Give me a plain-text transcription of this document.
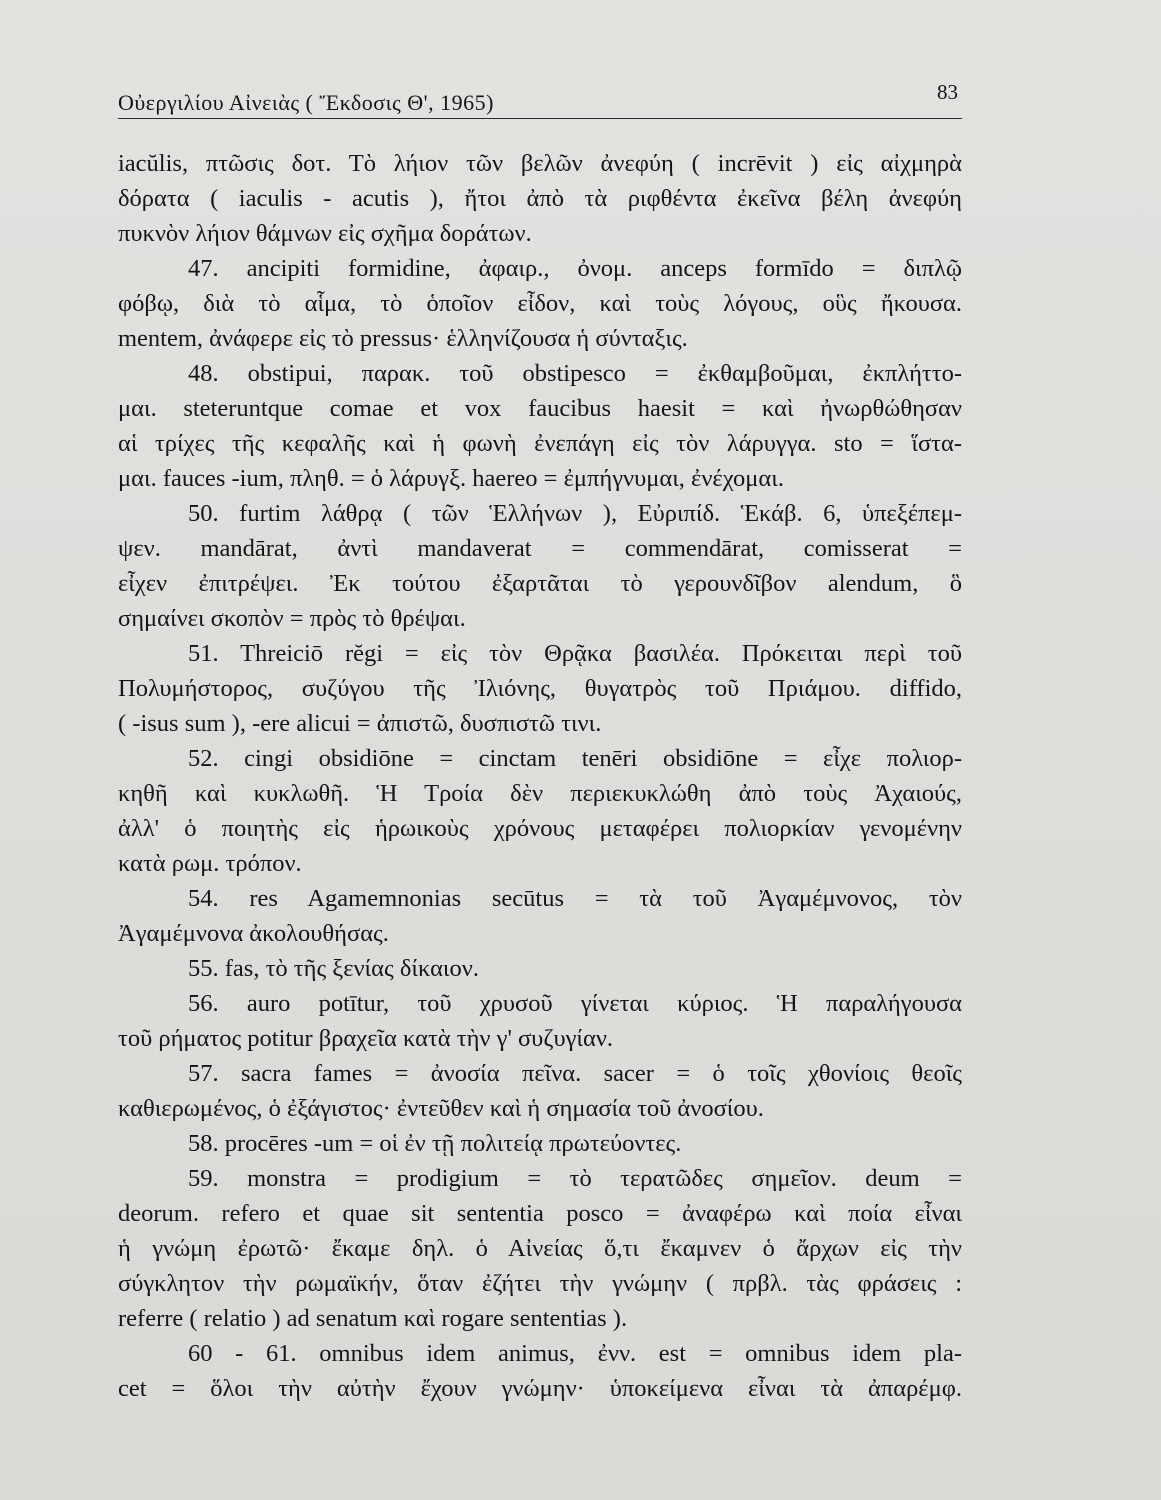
Οὐεργιλίου Αἰνειὰς ( Ἔκδοσις Θ', 1965)	83
iacŭlis, πτῶσις δοτ. Τὸ λήιον τῶν βελῶν ἀνεφύη ( incrēvit ) εἰς αἰχμηρὰ
δόρατα ( iaculis - acutis ), ἤτοι ἀπὸ τὰ ριφθέντα ἐκεῖνα βέλη ἀνεφύη
πυκνὸν λήιον θάμνων εἰς σχῆμα δοράτων.
47. ancipiti formidine, ἀφαιρ., ὀνομ. anceps formīdo = διπλῷ
φόβῳ, διὰ τὸ αἷμα, τὸ ὁποῖον εἶδον, καὶ τοὺς λόγους, οὓς ἤκουσα.
mentem, ἀνάφερε εἰς τὸ pressus· ἑλληνίζουσα ἡ σύνταξις.
48. obstipui, παρακ. τοῦ obstipesco = ἐκθαμβοῦμαι, ἐκπλήττο-
μαι. steteruntque comae et vox faucibus haesit = καὶ ἠνωρθώθησαν
αἱ τρίχες τῆς κεφαλῆς καὶ ἡ φωνὴ ἐνεπάγη εἰς τὸν λάρυγγα. sto = ἵστα-
μαι. fauces -ium, πληθ. = ὁ λάρυγξ. haereo = ἐμπήγνυμαι, ἐνέχομαι.
50. furtim λάθρᾳ ( τῶν Ἑλλήνων ), Εὐριπίδ. Ἑκάβ. 6, ὑπεξέπεμ-
ψεν. mandārat, ἀντὶ mandaverat = commendārat, comisserat =
εἶχεν ἐπιτρέψει. Ἐκ τούτου ἐξαρτᾶται τὸ γερουνδῖβον alendum, ὃ
σημαίνει σκοπὸν = πρὸς τὸ θρέψαι.
51. Threiciō rĕgi = εἰς τὸν Θρᾷκα βασιλέα. Πρόκειται περὶ τοῦ
Πολυμήστορος, συζύγου τῆς Ἰλιόνης, θυγατρὸς τοῦ Πριάμου. diffido,
( -isus sum ), -ere alicui = ἀπιστῶ, δυσπιστῶ τινι.
52. cingi obsidiōne = cinctam tenēri obsidiōne = εἶχε πολιορ-
κηθῆ καὶ κυκλωθῆ. Ἡ Τροία δὲν περιεκυκλώθη ἀπὸ τοὺς Ἀχαιούς,
ἀλλ' ὁ ποιητὴς εἰς ἡρωικοὺς χρόνους μεταφέρει πολιορκίαν γενομένην
κατὰ ρωμ. τρόπον.
54. res Agamemnonias secūtus = τὰ τοῦ Ἀγαμέμνονος, τὸν
Ἀγαμέμνονα ἀκολουθήσας.
55. fas, τὸ τῆς ξενίας δίκαιον.
56. auro potītur, τοῦ χρυσοῦ γίνεται κύριος. Ἡ παραλήγουσα
τοῦ ρήματος potitur βραχεῖα κατὰ τὴν γ' συζυγίαν.
57. sacra fames = ἀνοσία πεῖνα. sacer = ὁ τοῖς χθονίοις θεοῖς
καθιερωμένος, ὁ ἐξάγιστος· ἐντεῦθεν καὶ ἡ σημασία τοῦ ἀνοσίου.
58. procēres -um = οἱ ἐν τῇ πολιτείᾳ πρωτεύοντες.
59. monstra = prodigium = τὸ τερατῶδες σημεῖον. deum =
deorum. refero et quae sit sententia posco = ἀναφέρω καὶ ποία εἶναι
ἡ γνώμη ἐρωτῶ· ἔκαμε δηλ. ὁ Αἰνείας ὅ,τι ἔκαμνεν ὁ ἄρχων εἰς τὴν
σύγκλητον τὴν ρωμαϊκήν, ὅταν ἐζήτει τὴν γνώμην ( πρβλ. τὰς φράσεις :
referre ( relatio ) ad senatum καὶ rogare sententias ).
60 - 61. omnibus idem animus, ἐνν. est = omnibus idem pla-
cet = ὅλοι τὴν αὐτὴν ἔχουν γνώμην· ὑποκείμενα εἶναι τὰ ἀπαρέμφ.
